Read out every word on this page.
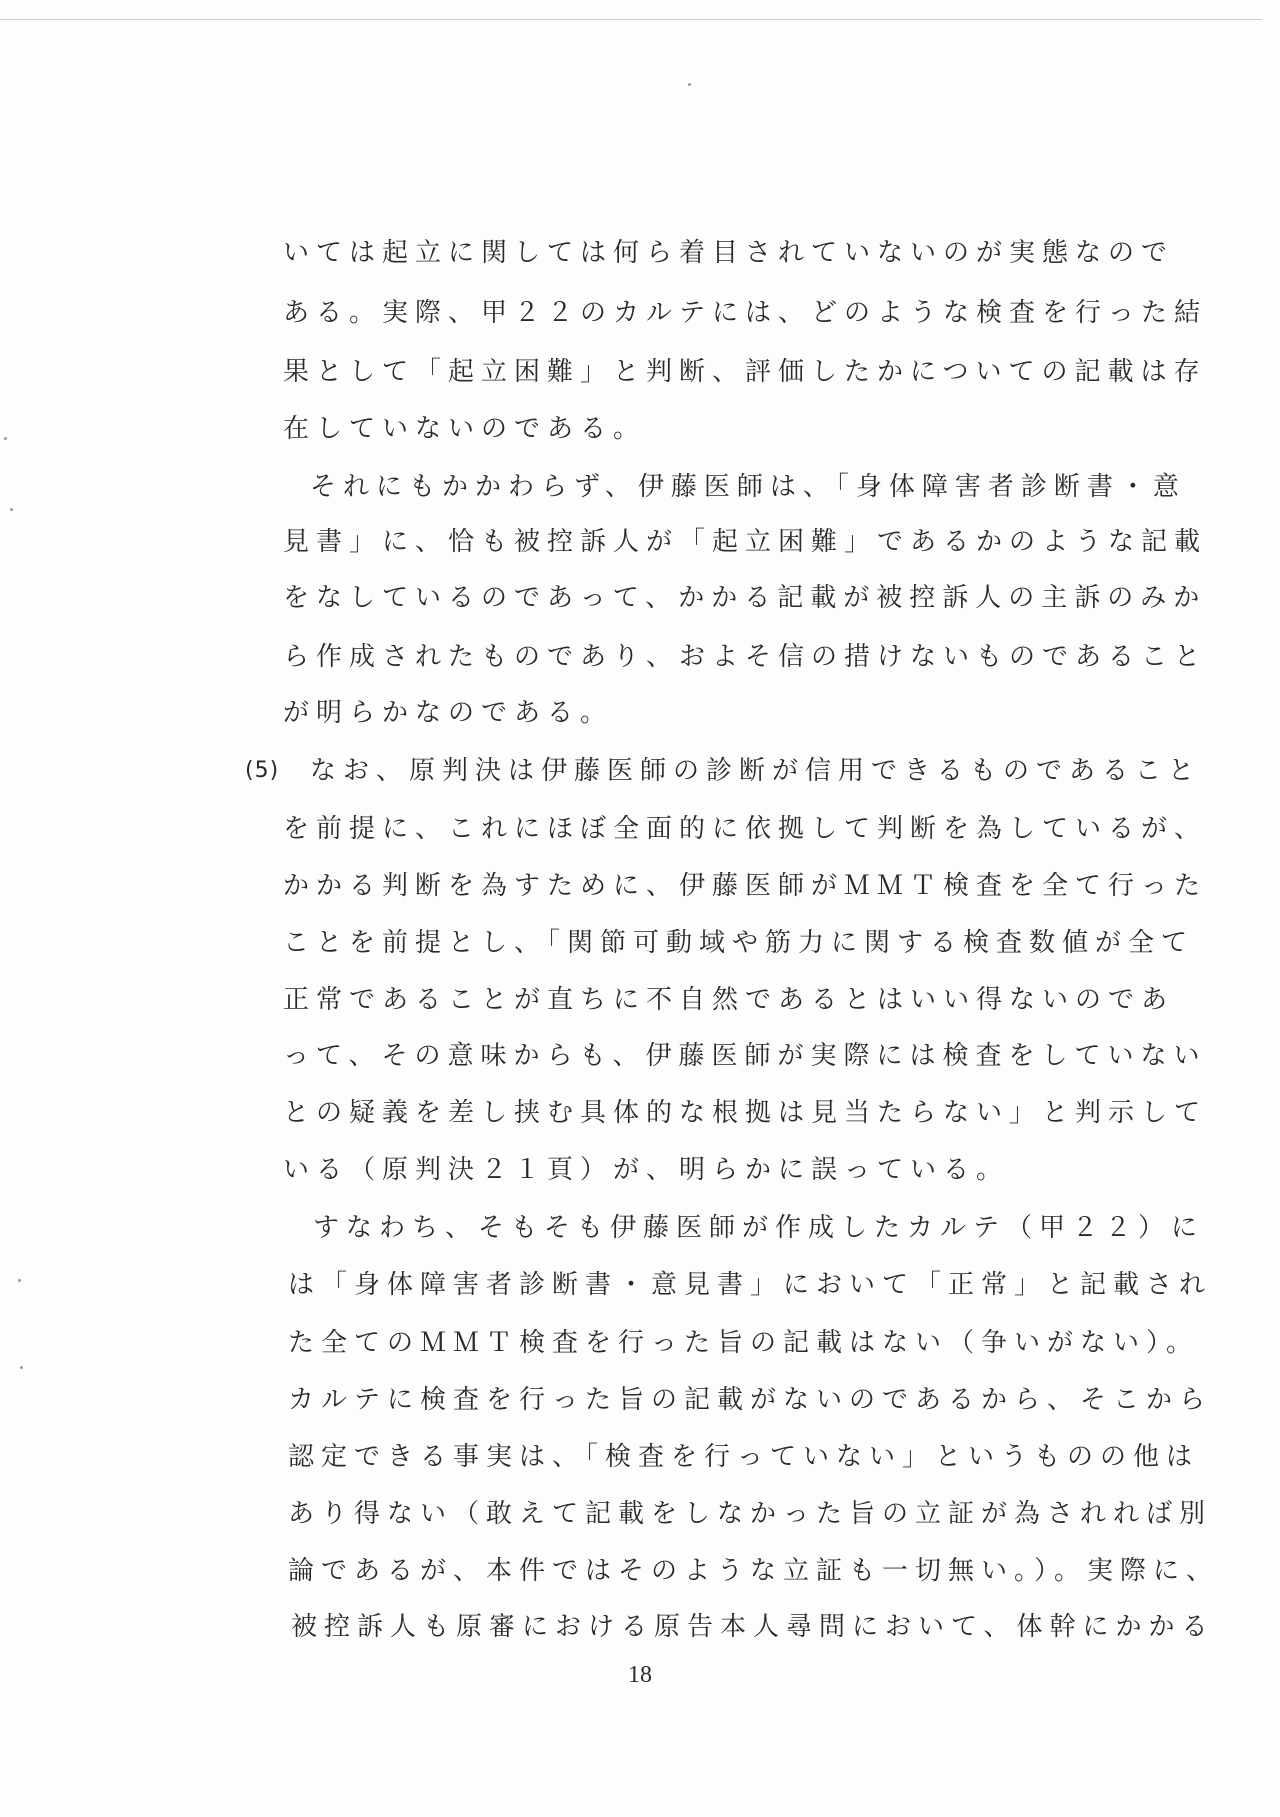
いては起立に関しては何ら着目されていないのが実態なので
ある。実際、甲２２のカルテには、どのような検査を行った結
果として「起立困難」と判断、評価したかについての記載は存
在していないのである。
それにもかかわらず、伊藤医師は、「身体障害者診断書・意
見書」に、恰も被控訴人が「起立困難」であるかのような記載
をなしているのであって、かかる記載が被控訴人の主訴のみか
ら作成されたものであり、およそ信の措けないものであること
が明らかなのである。
(5) なお、原判決は伊藤医師の診断が信用できるものであること
を前提に、これにほぼ全面的に依拠して判断を為しているが、
かかる判断を為すために、伊藤医師がＭＭＴ検査を全て行った
ことを前提とし、「関節可動域や筋力に関する検査数値が全て
正常であることが直ちに不自然であるとはいい得ないのであ
って、その意味からも、伊藤医師が実際には検査をしていない
との疑義を差し挟む具体的な根拠は見当たらない」と判示して
いる（原判決２１頁）が、明らかに誤っている。
すなわち、そもそも伊藤医師が作成したカルテ（甲２２）に
は「身体障害者診断書・意見書」において「正常」と記載され
た全てのＭＭＴ検査を行った旨の記載はない（争いがない）。
カルテに検査を行った旨の記載がないのであるから、そこから
認定できる事実は、「検査を行っていない」というものの他は
あり得ない（敢えて記載をしなかった旨の立証が為されれば別
論であるが、本件ではそのような立証も一切無い。）。実際に、
被控訴人も原審における原告本人尋問において、体幹にかかる
18
